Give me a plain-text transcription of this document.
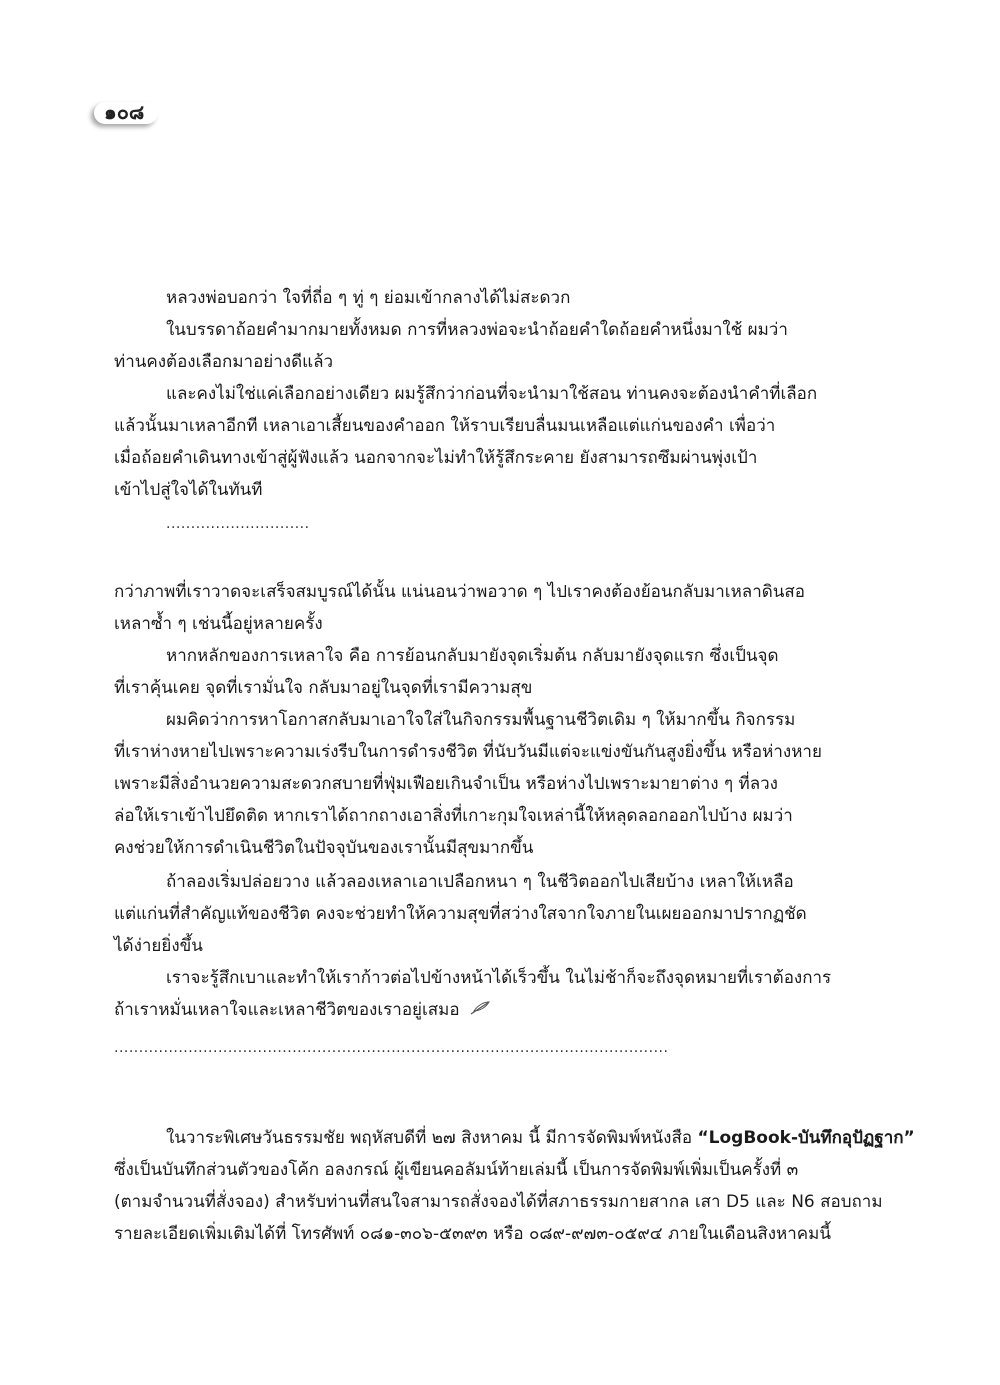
๑๐๘
หลวงพ่อบอกว่า ใจที่ถี่อ ๆ ทู่ ๆ ย่อมเข้ากลางได้ไม่สะดวก
ในบรรดาถ้อยคำมากมายทั้งหมด การที่หลวงพ่อจะนำถ้อยคำใดถ้อยคำหนึ่งมาใช้ ผมว่า
ท่านคงต้องเลือกมาอย่างดีแล้ว
และคงไม่ใช่แค่เลือกอย่างเดียว ผมรู้สึกว่าก่อนที่จะนำมาใช้สอน ท่านคงจะต้องนำคำที่เลือก
แล้วนั้นมาเหลาอีกที เหลาเอาเสี้ยนของคำออก ให้ราบเรียบลื่นมนเหลือแต่แก่นของคำ เพื่อว่า
เมื่อถ้อยคำเดินทางเข้าสู่ผู้ฟังแล้ว นอกจากจะไม่ทำให้รู้สึกระคาย ยังสามารถซึมผ่านพุ่งเป้า
เข้าไปสู่ใจได้ในทันที
.............................
กว่าภาพที่เราวาดจะเสร็จสมบูรณ์ได้นั้น แน่นอนว่าพอวาด ๆ ไปเราคงต้องย้อนกลับมาเหลาดินสอ
เหลาซ้ำ ๆ เช่นนี้อยู่หลายครั้ง
หากหลักของการเหลาใจ คือ การย้อนกลับมายังจุดเริ่มต้น กลับมายังจุดแรก ซึ่งเป็นจุด
ที่เราคุ้นเคย จุดที่เรามั่นใจ กลับมาอยู่ในจุดที่เรามีความสุข
ผมคิดว่าการหาโอกาสกลับมาเอาใจใส่ในกิจกรรมพื้นฐานชีวิตเดิม ๆ ให้มากขึ้น กิจกรรม
ที่เราห่างหายไปเพราะความเร่งรีบในการดำรงชีวิต ที่นับวันมีแต่จะแข่งขันกันสูงยิ่งขึ้น หรือห่างหาย
เพราะมีสิ่งอำนวยความสะดวกสบายที่ฟุ่มเฟือยเกินจำเป็น หรือห่างไปเพราะมายาต่าง ๆ ที่ลวง
ล่อให้เราเข้าไปยึดติด หากเราได้ถากถางเอาสิ่งที่เกาะกุมใจเหล่านี้ให้หลุดลอกออกไปบ้าง ผมว่า
คงช่วยให้การดำเนินชีวิตในปัจจุบันของเรานั้นมีสุขมากขึ้น
ถ้าลองเริ่มปล่อยวาง แล้วลองเหลาเอาเปลือกหนา ๆ ในชีวิตออกไปเสียบ้าง เหลาให้เหลือ
แต่แก่นที่สำคัญแท้ของชีวิต คงจะช่วยทำให้ความสุขที่สว่างใสจากใจภายในเผยออกมาปรากฏชัด
ได้ง่ายยิ่งขึ้น
เราจะรู้สึกเบาและทำให้เราก้าวต่อไปข้างหน้าได้เร็วขึ้น ในไม่ช้าก็จะถึงจุดหมายที่เราต้องการ
ถ้าเราหมั่นเหลาใจและเหลาชีวิตของเราอยู่เสมอ
................................................................................................................
ในวาระพิเศษวันธรรมชัย พฤหัสบดีที่ ๒๗ สิงหาคม นี้ มีการจัดพิมพ์หนังสือ “LogBook-บันทึกอุปัฏฐาก”
ซึ่งเป็นบันทึกส่วนตัวของโค้ก อลงกรณ์ ผู้เขียนคอลัมน์ท้ายเล่มนี้ เป็นการจัดพิมพ์เพิ่มเป็นครั้งที่ ๓
(ตามจำนวนที่สั่งจอง) สำหรับท่านที่สนใจสามารถสั่งจองได้ที่สภาธรรมกายสากล เสา D5 และ N6 สอบถาม
รายละเอียดเพิ่มเติมได้ที่ โทรศัพท์ ๐๘๑-๓๐๖-๕๓๙๓ หรือ ๐๘๙-๙๗๓-๐๕๙๔ ภายในเดือนสิงหาคมนี้
